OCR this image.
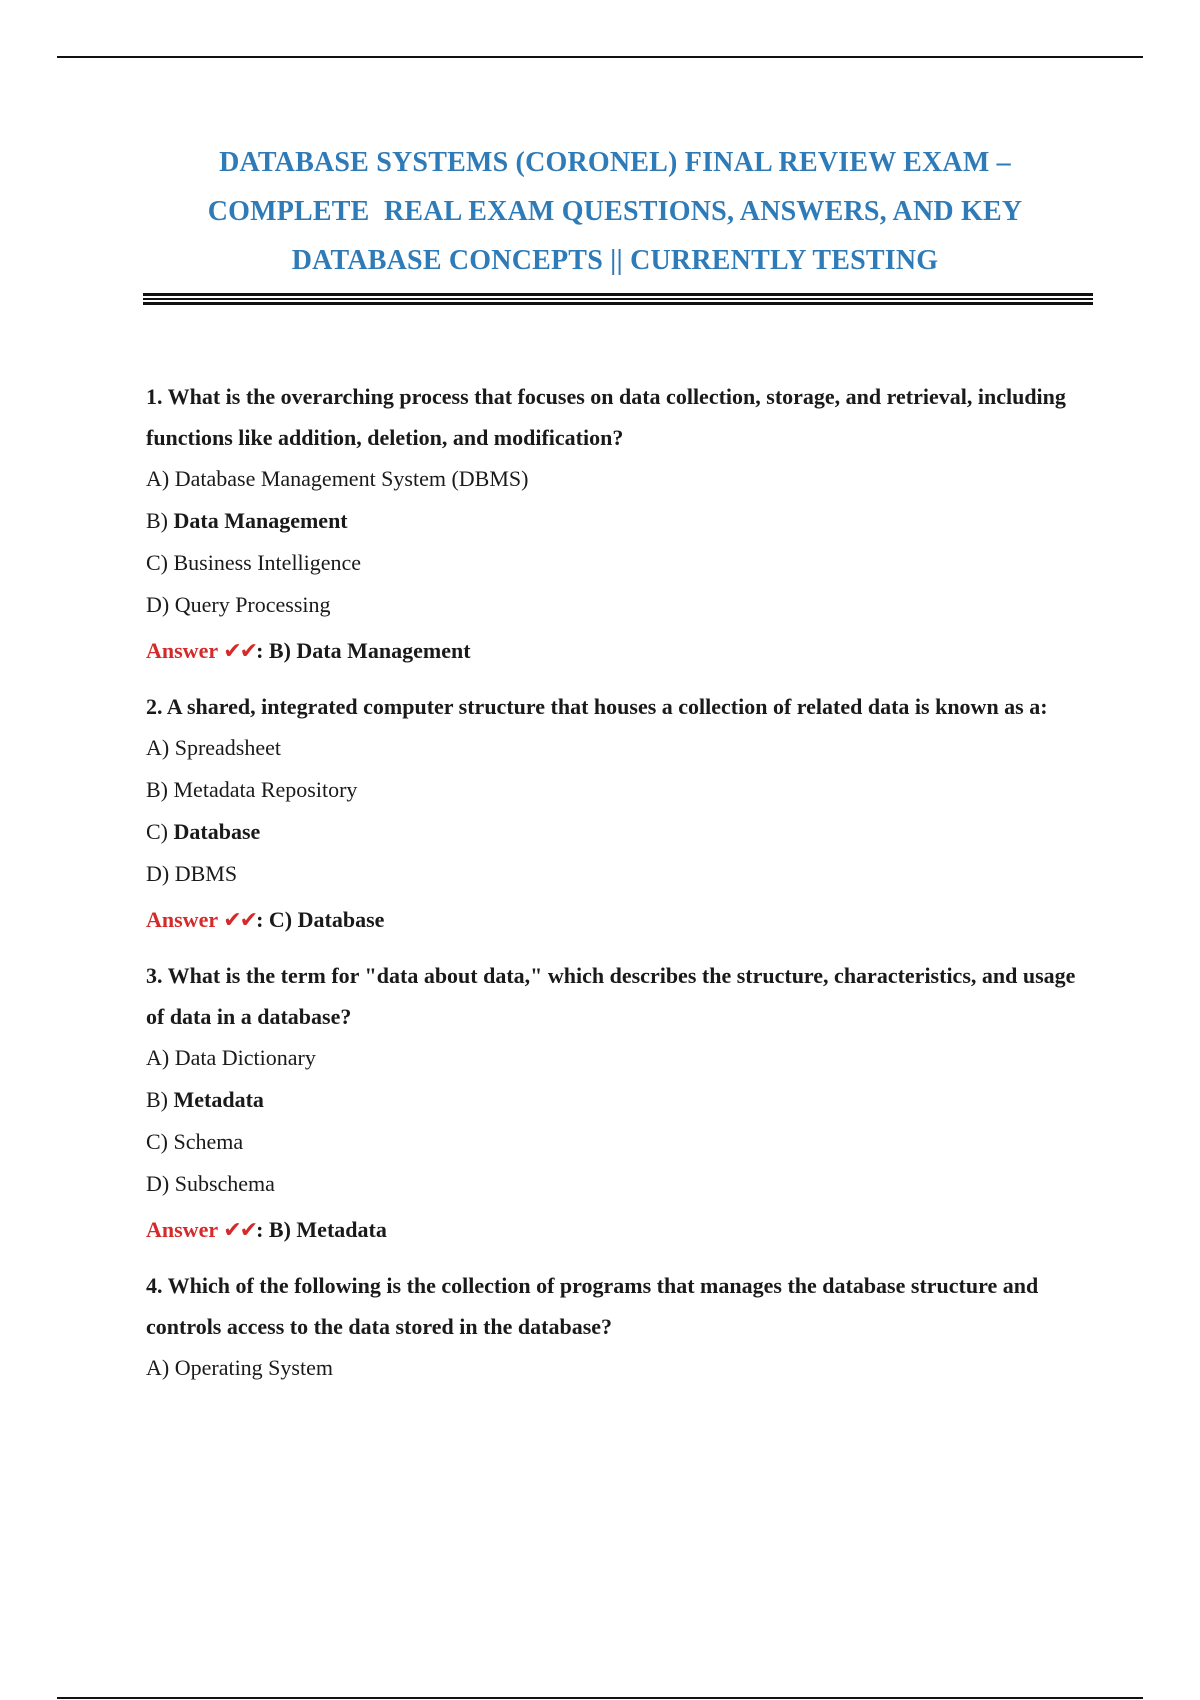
DATABASE SYSTEMS (CORONEL) FINAL REVIEW EXAM –
COMPLETE  REAL EXAM QUESTIONS, ANSWERS, AND KEY
DATABASE CONCEPTS || CURRENTLY TESTING
1. What is the overarching process that focuses on data collection, storage, and retrieval, including functions like addition, deletion, and modification?
A) Database Management System (DBMS)
B) Data Management
C) Business Intelligence
D) Query Processing
Answer ✔✔: B) Data Management
2. A shared, integrated computer structure that houses a collection of related data is known as a:
A) Spreadsheet
B) Metadata Repository
C) Database
D) DBMS
Answer ✔✔: C) Database
3. What is the term for "data about data," which describes the structure, characteristics, and usage of data in a database?
A) Data Dictionary
B) Metadata
C) Schema
D) Subschema
Answer ✔✔: B) Metadata
4. Which of the following is the collection of programs that manages the database structure and controls access to the data stored in the database?
A) Operating System
